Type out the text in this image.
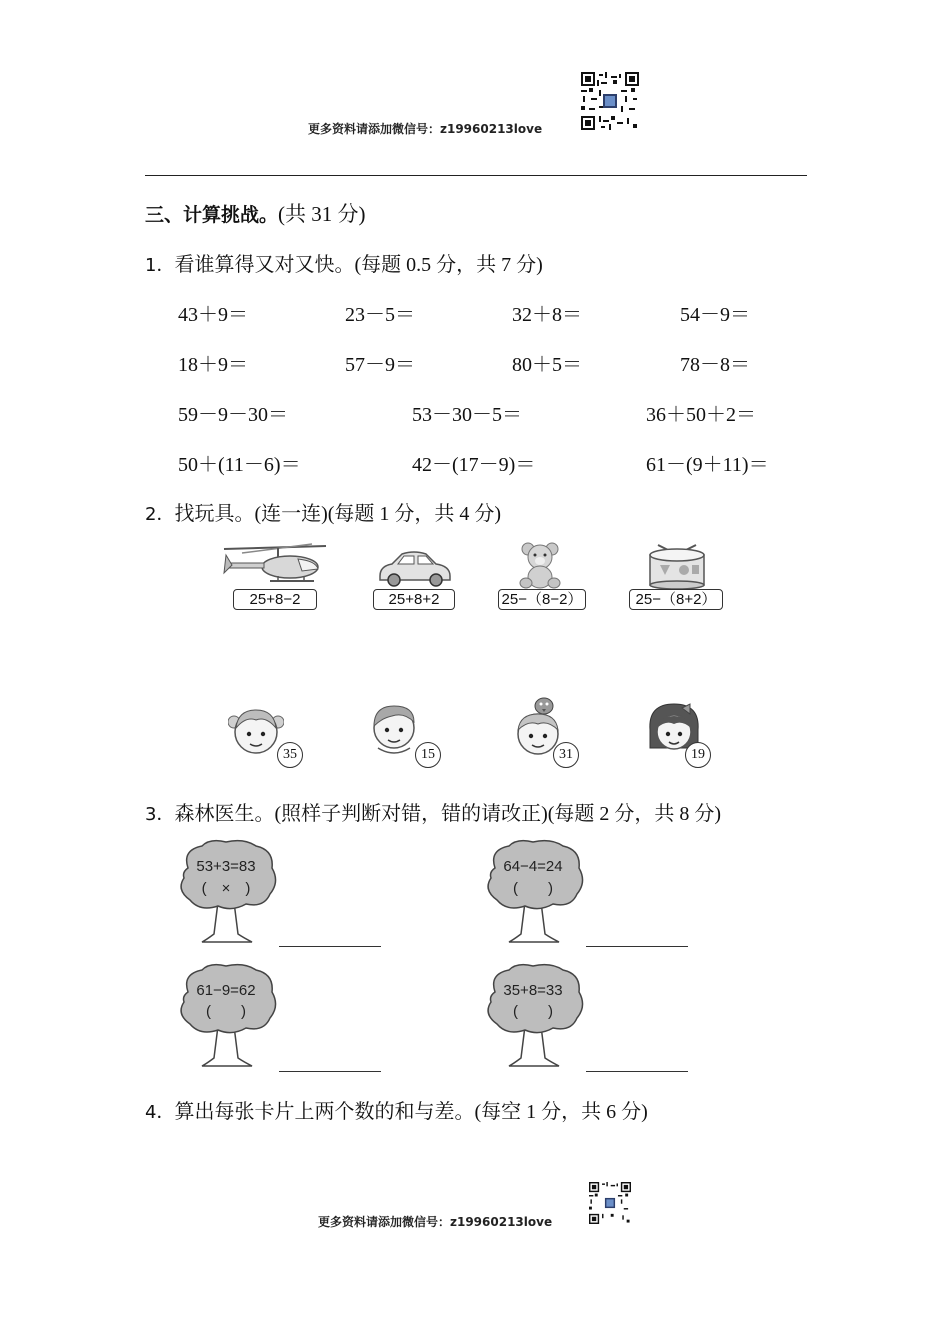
更多资料请添加微信号：z19960213love
三、计算挑战。(共 31 分)
1．看谁算得又对又快。(每题 0.5 分，共 7 分)
43＋9＝	23－5＝	32＋8＝	54－9＝
18＋9＝	57－9＝	80＋5＝	78－8＝
59－9－30＝	53－30－5＝	36＋50＋2＝
50＋(11－6)＝	42－(17－9)＝	61－(9＋11)＝
2．找玩具。(连一连)(每题 1 分，共 4 分)
25+8−2	25+8+2	25−（8−2）	25−（8+2）
35	15	31	19
3．森林医生。(照样子判断对错，错的请改正)(每题 2 分，共 8 分)
53+3=83
(　×　)
64−4=24
(　　)
61−9=62
(　　)
35+8=33
(　　)
4．算出每张卡片上两个数的和与差。(每空 1 分，共 6 分)
更多资料请添加微信号：z19960213love
